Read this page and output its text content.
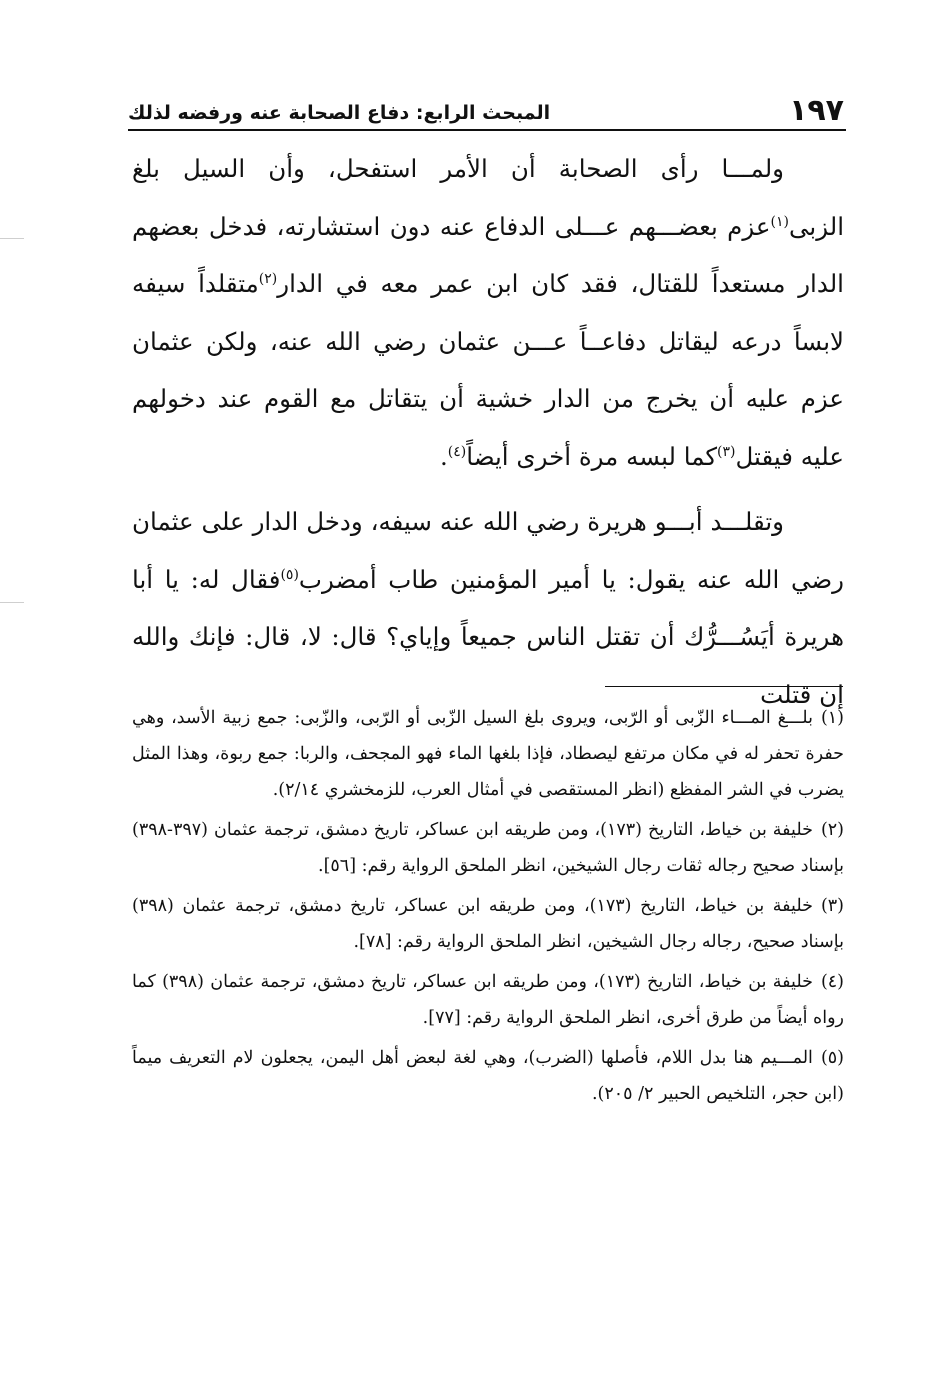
١٩٧
المبحث الرابع: دفاع الصحابة عنه ورفضه لذلك

ولمـــا رأى الصحابة أن الأمر استفحل، وأن السيل بلغ الزبى$^{(١)}$عزم بعضـــهم عـــلى الدفاع عنه دون استشارته، فدخل بعضهم الدار مستعداً للقتال، فقد كان ابن عمر معه في الدار$^{(٢)}$متقلداً سيفه لابساً درعه ليقاتل دفاعــاً عـــن عثمان رضي الله عنه، ولكن عثمان عزم عليه أن يخرج من الدار خشية أن يتقاتل مع القوم عند دخولهم عليه فيقتل$^{(٣)}$كما لبسه مرة أخرى أيضاً$^{(٤)}$.

وتقلـــد أبـــو هريرة رضي الله عنه سيفه، ودخل الدار على عثمان رضي الله عنه يقول: يا أمير المؤمنين طاب أمضرب$^{(٥)}$فقال له: يا أبا هريرة أيَسُـــرُّك أن تقتل الناس جميعاً وإياي؟ قال: لا، قال: فإنك والله إن قتلت

(١)بلـــغ المـــاء الزّبى أو الرّبى، ويروى بلغ السيل الزّبى أو الرّبى، والزّبى: جمع زبية الأسد، وهي حفرة تحفر له في مكان مرتفع ليصطاد، فإذا بلغها الماء فهو المجحف، والربا: جمع ربوة، وهذا المثل يضرب في الشر المفظع (انظر المستقصى في أمثال العرب، للزمخشري ٢/١٤).

(٢)خليفة بن خياط، التاريخ (١٧٣)، ومن طريقه ابن عساكر، تاريخ دمشق، ترجمة عثمان (٣٩٧-٣٩٨) بإسناد صحيح رجاله ثقات رجال الشيخين، انظر الملحق الرواية رقم: [٥٦].

(٣)خليفة بن خياط، التاريخ (١٧٣)، ومن طريقه ابن عساكر، تاريخ دمشق، ترجمة عثمان (٣٩٨) بإسناد صحيح، رجاله رجال الشيخين، انظر الملحق الرواية رقم: [٧٨].

(٤)خليفة بن خياط، التاريخ (١٧٣)، ومن طريقه ابن عساكر، تاريخ دمشق، ترجمة عثمان (٣٩٨) كما رواه أيضاً من طرق أخرى، انظر الملحق الرواية رقم: [٧٧].

(٥)المـــيم هنا بدل اللام، فأصلها (الضرب)، وهي لغة لبعض أهل اليمن، يجعلون لام التعريف ميماً (ابن حجر، التلخيص الحبير ٢/ ٢٠٥).
